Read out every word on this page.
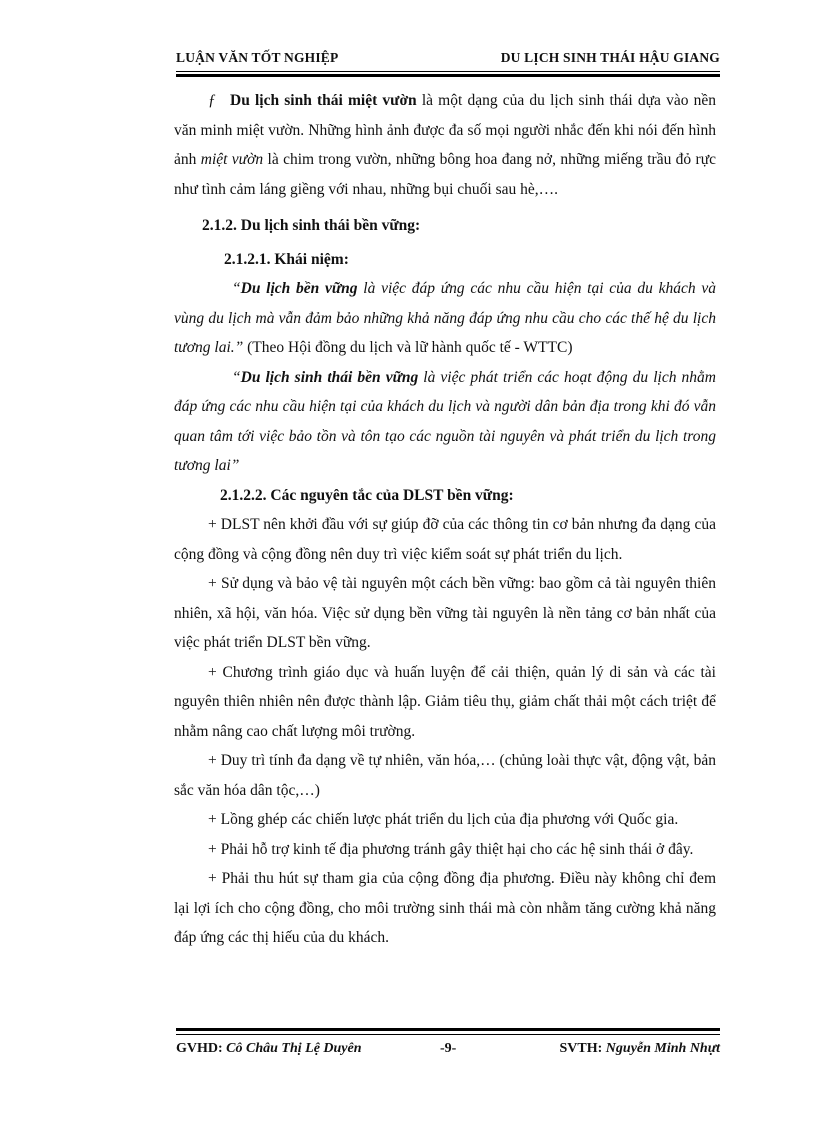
LUẬN VĂN TỐT NGHIỆP	DU LỊCH SINH THÁI HẬU GIANG

ƒ Du lịch sinh thái miệt vườn là một dạng của du lịch sinh thái dựa vào nền văn minh miệt vườn. Những hình ảnh được đa số mọi người nhắc đến khi nói đến hình ảnh miệt vườn là chim trong vườn, những bông hoa đang nở, những miếng trầu đỏ rực như tình cảm láng giềng với nhau, những bụi chuối sau hè,….

2.1.2. Du lịch sinh thái bền vững:

2.1.2.1. Khái niệm:

“Du lịch bền vững là việc đáp ứng các nhu cầu hiện tại của du khách và vùng du lịch mà vẫn đảm bảo những khả năng đáp ứng nhu cầu cho các thế hệ du lịch tương lai.” (Theo Hội đồng du lịch và lữ hành quốc tế - WTTC)

“Du lịch sinh thái bền vững là việc phát triển các hoạt động du lịch nhằm đáp ứng các nhu cầu hiện tại của khách du lịch và người dân bản địa trong khi đó vẫn quan tâm tới việc bảo tồn và tôn tạo các nguồn tài nguyên và phát triển du lịch trong tương lai”

2.1.2.2. Các nguyên tắc của DLST bền vững:

+ DLST nên khởi đầu với sự giúp đỡ của các thông tin cơ bản nhưng đa dạng của cộng đồng và cộng đồng nên duy trì việc kiểm soát sự phát triển du lịch.

+ Sử dụng và bảo vệ tài nguyên một cách bền vững: bao gồm cả tài nguyên thiên nhiên, xã hội, văn hóa. Việc sử dụng bền vững tài nguyên là nền tảng cơ bản nhất của việc phát triển DLST bền vững.

+ Chương trình giáo dục và huấn luyện để cải thiện, quản lý di sản và các tài nguyên thiên nhiên nên được thành lập. Giảm tiêu thụ, giảm chất thải một cách triệt để nhằm nâng cao chất lượng môi trường.

+ Duy trì tính đa dạng về tự nhiên, văn hóa,… (chủng loài thực vật, động vật, bản sắc văn hóa dân tộc,…)

+ Lồng ghép các chiến lược phát triển du lịch của địa phương với Quốc gia.

+ Phải hỗ trợ kinh tế địa phương tránh gây thiệt hại cho các hệ sinh thái ở đây.

+ Phải thu hút sự tham gia của cộng đồng địa phương. Điều này không chỉ đem lại lợi ích cho cộng đồng, cho môi trường sinh thái mà còn nhằm tăng cường khả năng đáp ứng các thị hiếu của du khách.

GVHD: Cô Châu Thị Lệ Duyên	-9-	SVTH: Nguyễn Minh Nhựt
